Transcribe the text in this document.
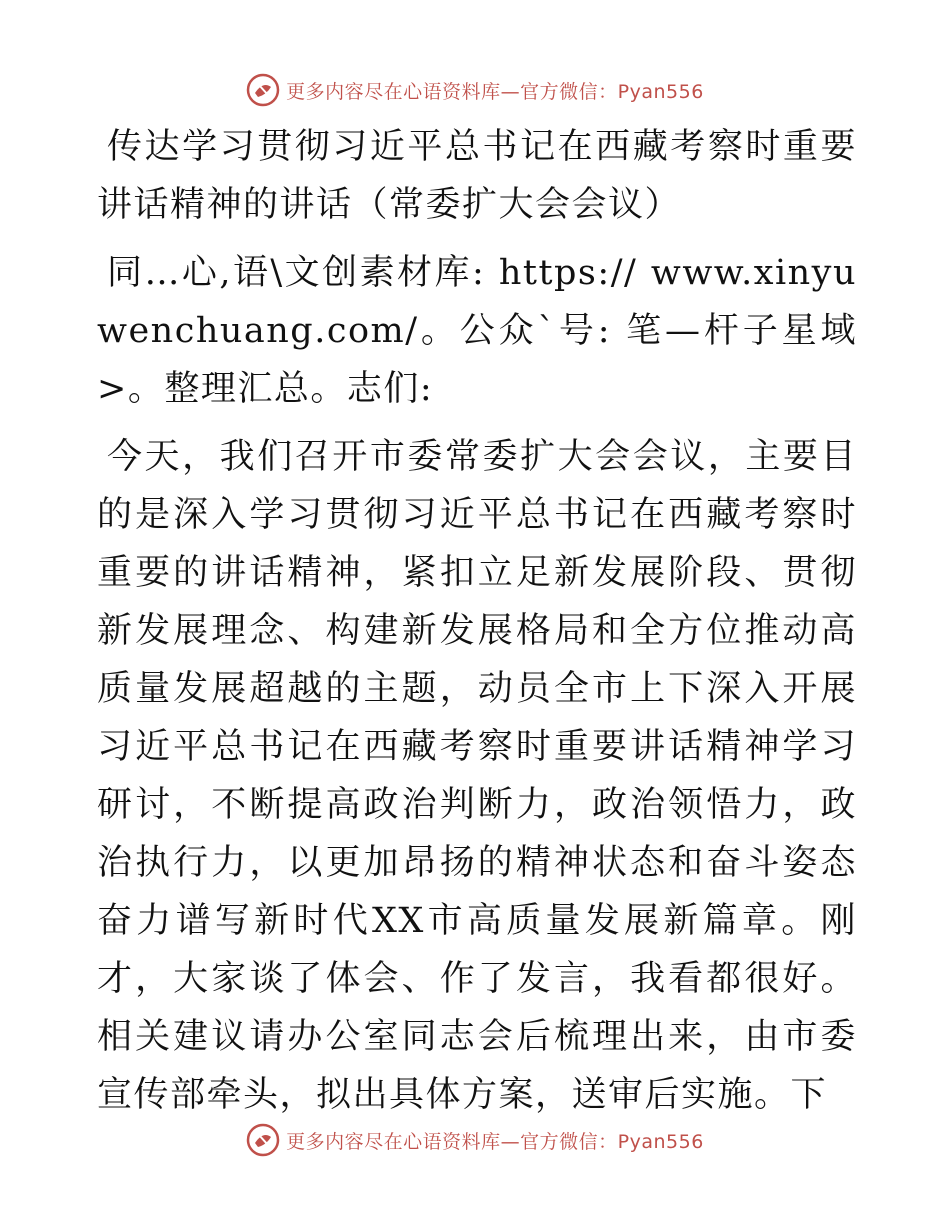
更多内容尽在心语资料库—官方微信：Pyan556

传达学习贯彻习近平总书记在西藏考察时重要讲话精神的讲话（常委扩大会会议）

同…心,语\文创素材库: https:// www.xinyuwenchuang.com/。公众`号: 笔—杆子星域>。整理汇总。志们:

今天，我们召开市委常委扩大会会议，主要目的是深入学习贯彻习近平总书记在西藏考察时重要的讲话精神，紧扣立足新发展阶段、贯彻新发展理念、构建新发展格局和全方位推动高质量发展超越的主题，动员全市上下深入开展习近平总书记在西藏考察时重要讲话精神学习研讨，不断提高政治判断力，政治领悟力，政治执行力，以更加昂扬的精神状态和奋斗姿态奋力谱写新时代XX市高质量发展新篇章。刚才，大家谈了体会、作了发言，我看都很好。相关建议请办公室同志会后梳理出来，由市委宣传部牵头，拟出具体方案，送审后实施。下

更多内容尽在心语资料库—官方微信：Pyan556
